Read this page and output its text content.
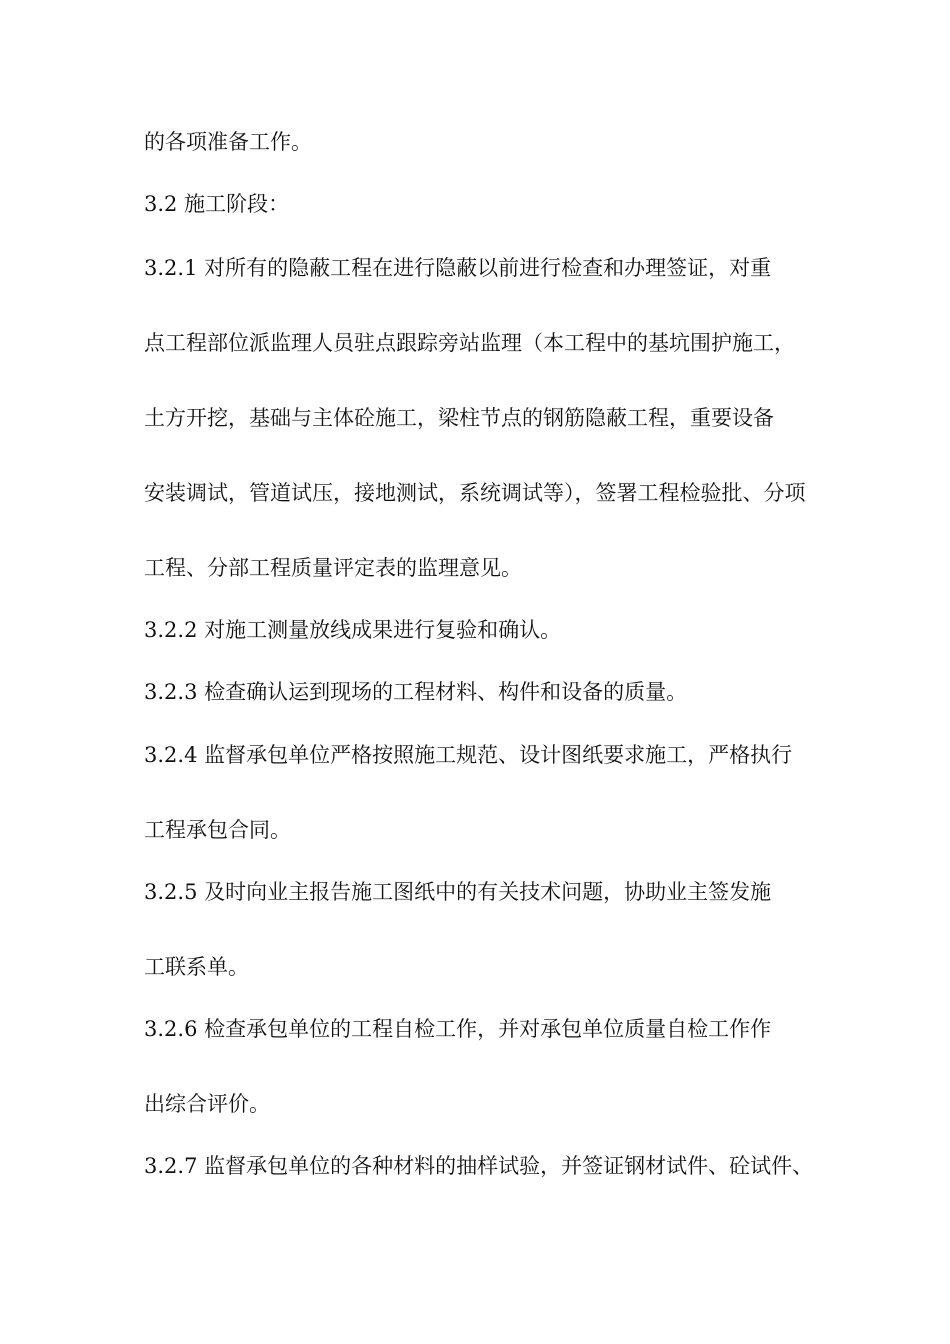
的各项准备工作。

3.2 施工阶段：

3.2.1 对所有的隐蔽工程在进行隐蔽以前进行检查和办理签证，对重

点工程部位派监理人员驻点跟踪旁站监理（本工程中的基坑围护施工，

土方开挖，基础与主体砼施工，梁柱节点的钢筋隐蔽工程，重要设备

安装调试，管道试压，接地测试，系统调试等），签署工程检验批、分项

工程、分部工程质量评定表的监理意见。

3.2.2 对施工测量放线成果进行复验和确认。

3.2.3 检查确认运到现场的工程材料、构件和设备的质量。

3.2.4 监督承包单位严格按照施工规范、设计图纸要求施工，严格执行

工程承包合同。

3.2.5 及时向业主报告施工图纸中的有关技术问题，协助业主签发施

工联系单。

3.2.6 检查承包单位的工程自检工作，并对承包单位质量自检工作作

出综合评价。

3.2.7 监督承包单位的各种材料的抽样试验，并签证钢材试件、砼试件、
